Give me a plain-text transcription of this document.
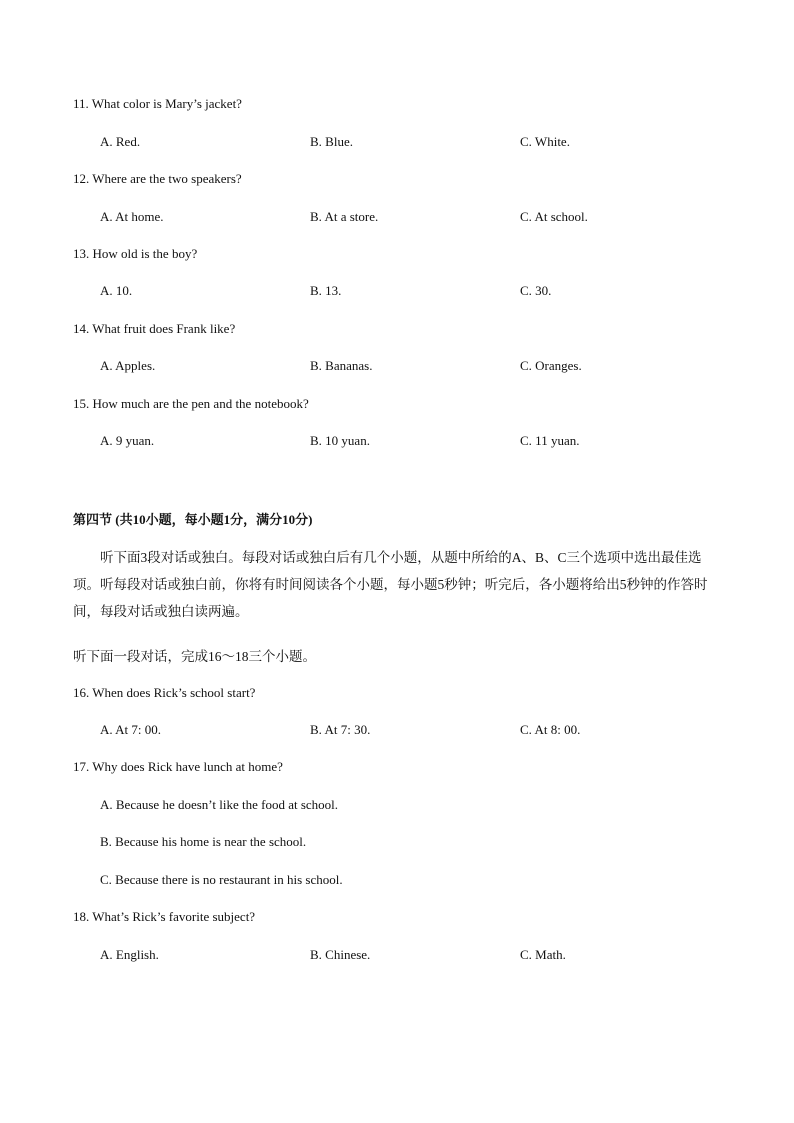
11. What color is Mary’s jacket?
A. Red.	B. Blue.	C. White.
12. Where are the two speakers?
A. At home.	B. At a store.	C. At school.
13. How old is the boy?
A. 10.	B. 13.	C. 30.
14. What fruit does Frank like?
A. Apples.	B. Bananas.	C. Oranges.
15. How much are the pen and the notebook?
A. 9 yuan.	B. 10 yuan.	C. 11 yuan.
第四节 (共10小题，每小题1分，满分10分)
听下面3段对话或独白。每段对话或独白后有几个小题，从题中所给的A、B、C三个选项中选出最佳选项。听每段对话或独白前，你将有时间阅读各个小题，每小题5秒钟；听完后，各小题将给出5秒钟的作答时间，每段对话或独白读两遍。
听下面一段对话，完成16～18三个小题。
16. When does Rick’s school start?
A. At 7: 00.	B. At 7: 30.	C. At 8: 00.
17. Why does Rick have lunch at home?
A. Because he doesn’t like the food at school.
B. Because his home is near the school.
C. Because there is no restaurant in his school.
18. What’s Rick’s favorite subject?
A. English.	B. Chinese.	C. Math.
